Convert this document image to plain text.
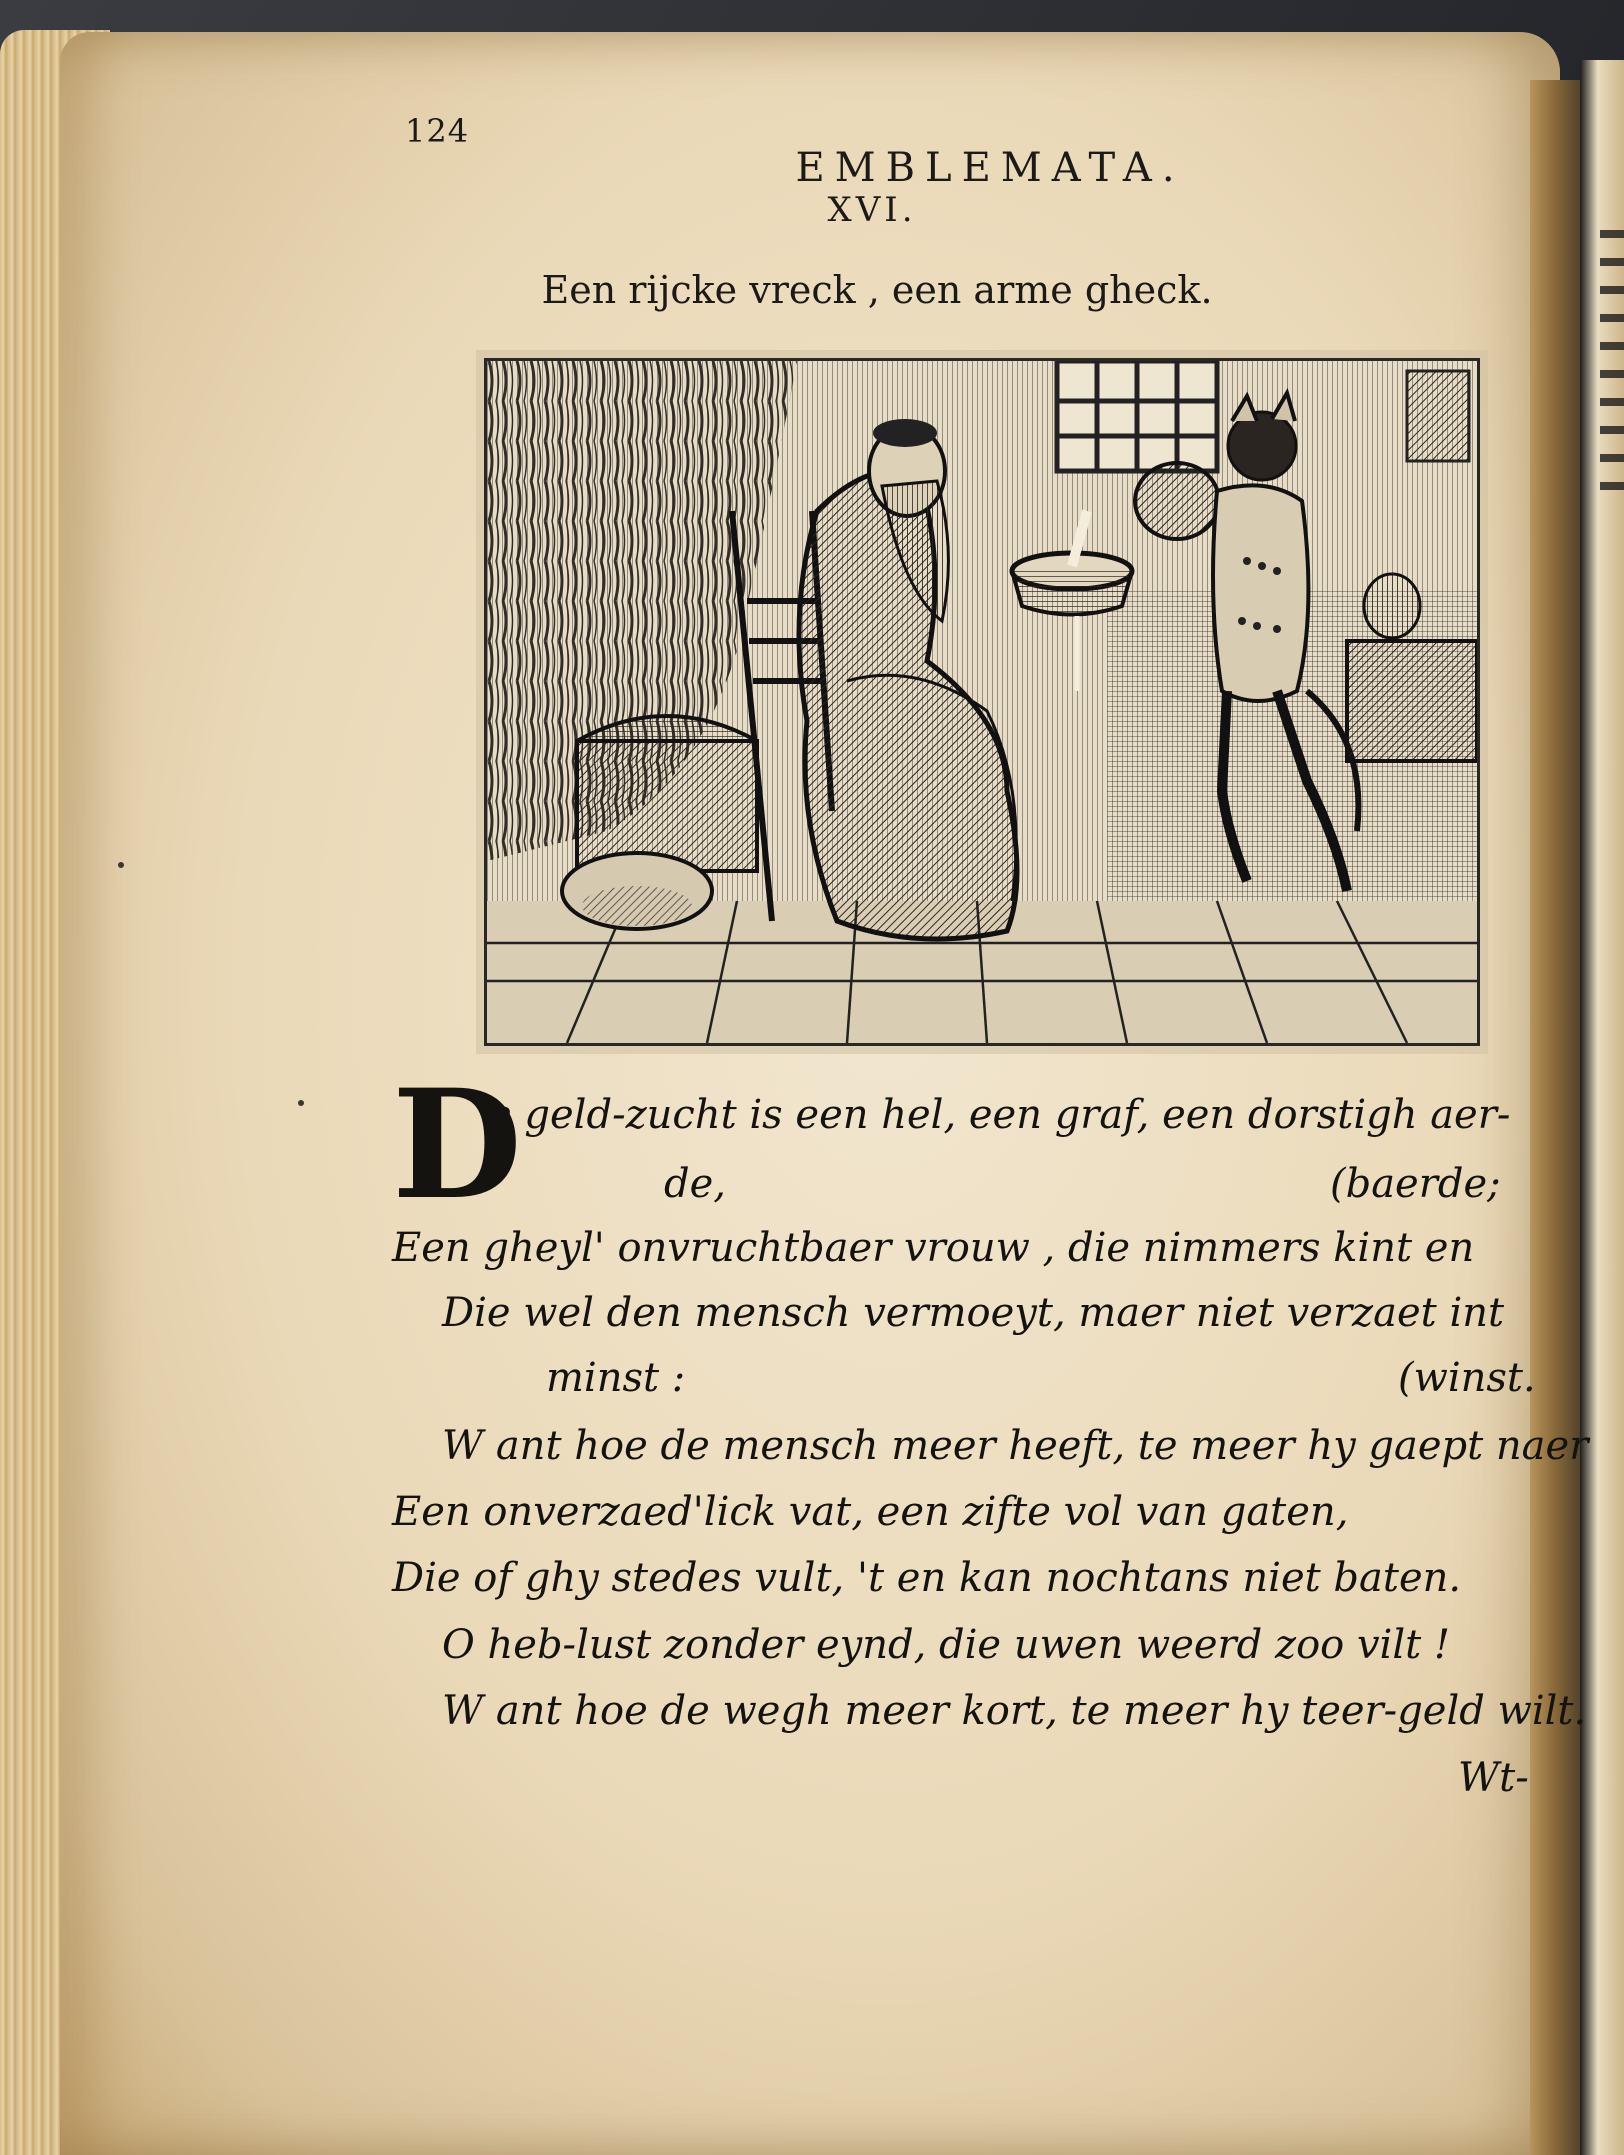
124
EMBLEMATA.
XVI.
Een rijcke vreck , een arme gheck.
D
e geld-zucht is een hel, een graf, een dorstigh aer-
de,	(baerde;
Een gheyl' onvruchtbaer vrouw , die nimmers kint en
Die wel den mensch vermoeyt, maer niet verzaet int
minst :	(winst.
W ant hoe de mensch meer heeft, te meer hy gaept naer
Een onverzaed'lick vat, een zifte vol van gaten,
Die of ghy stedes vult, 't en kan nochtans niet baten.
O heb-lust zonder eynd, die uwen weerd zoo vilt !
W ant hoe de wegh meer kort, te meer hy teer-geld wilt.
Wt-
